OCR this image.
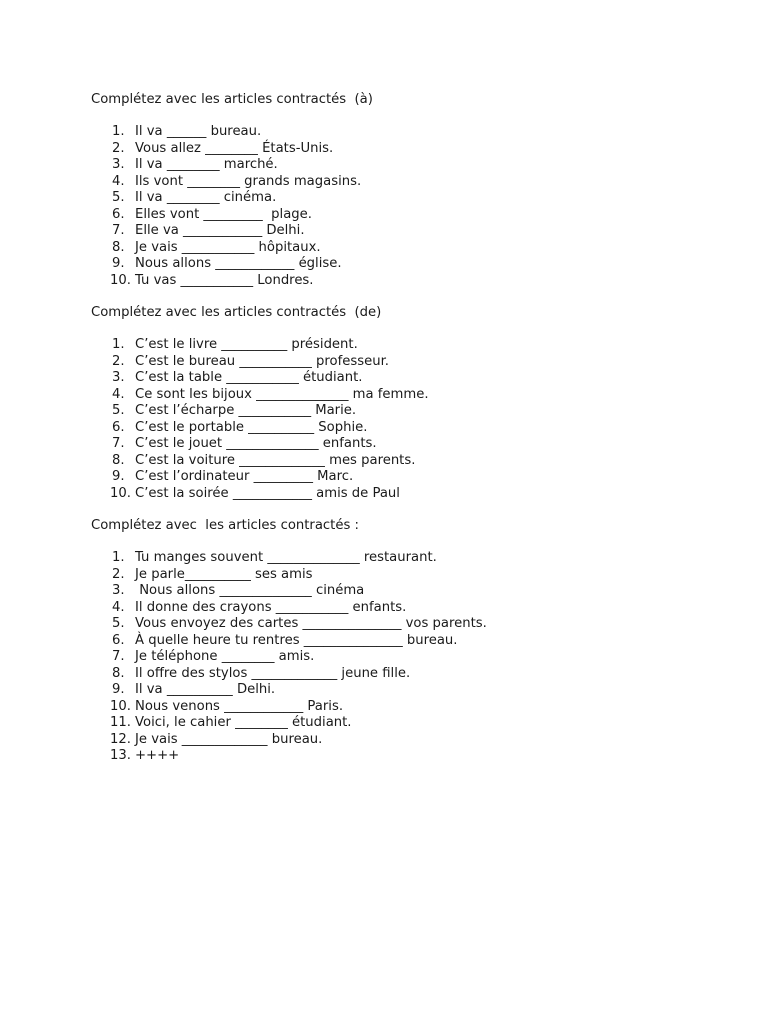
Complétez avec les articles contractés  (à)
1. Il va ______ bureau.
2. Vous allez ________ États-Unis.
3. Il va ________ marché.
4. Ils vont ________ grands magasins.
5. Il va ________ cinéma.
6. Elles vont _________  plage.
7. Elle va ____________ Delhi.
8. Je vais ___________ hôpitaux.
9. Nous allons ____________ église.
10. Tu vas ___________ Londres.
Complétez avec les articles contractés  (de)
1. C’est le livre __________ président.
2. C’est le bureau ___________ professeur.
3. C’est la table ___________ étudiant.
4. Ce sont les bijoux ______________ ma femme.
5. C’est l’écharpe ___________ Marie.
6. C’est le portable __________ Sophie.
7. C’est le jouet ______________ enfants.
8. C’est la voiture _____________ mes parents.
9. C’est l’ordinateur _________ Marc.
10. C’est la soirée ____________ amis de Paul
Complétez avec  les articles contractés :
1. Tu manges souvent ______________ restaurant.
2. Je parle__________ ses amis
3. Nous allons ______________ cinéma
4. Il donne des crayons ___________ enfants.
5. Vous envoyez des cartes _______________ vos parents.
6. À quelle heure tu rentres _______________ bureau.
7. Je téléphone ________ amis.
8. Il offre des stylos _____________ jeune fille.
9. Il va __________ Delhi.
10. Nous venons ____________ Paris.
11. Voici, le cahier ________ étudiant.
12. Je vais _____________ bureau.
13. ++++
